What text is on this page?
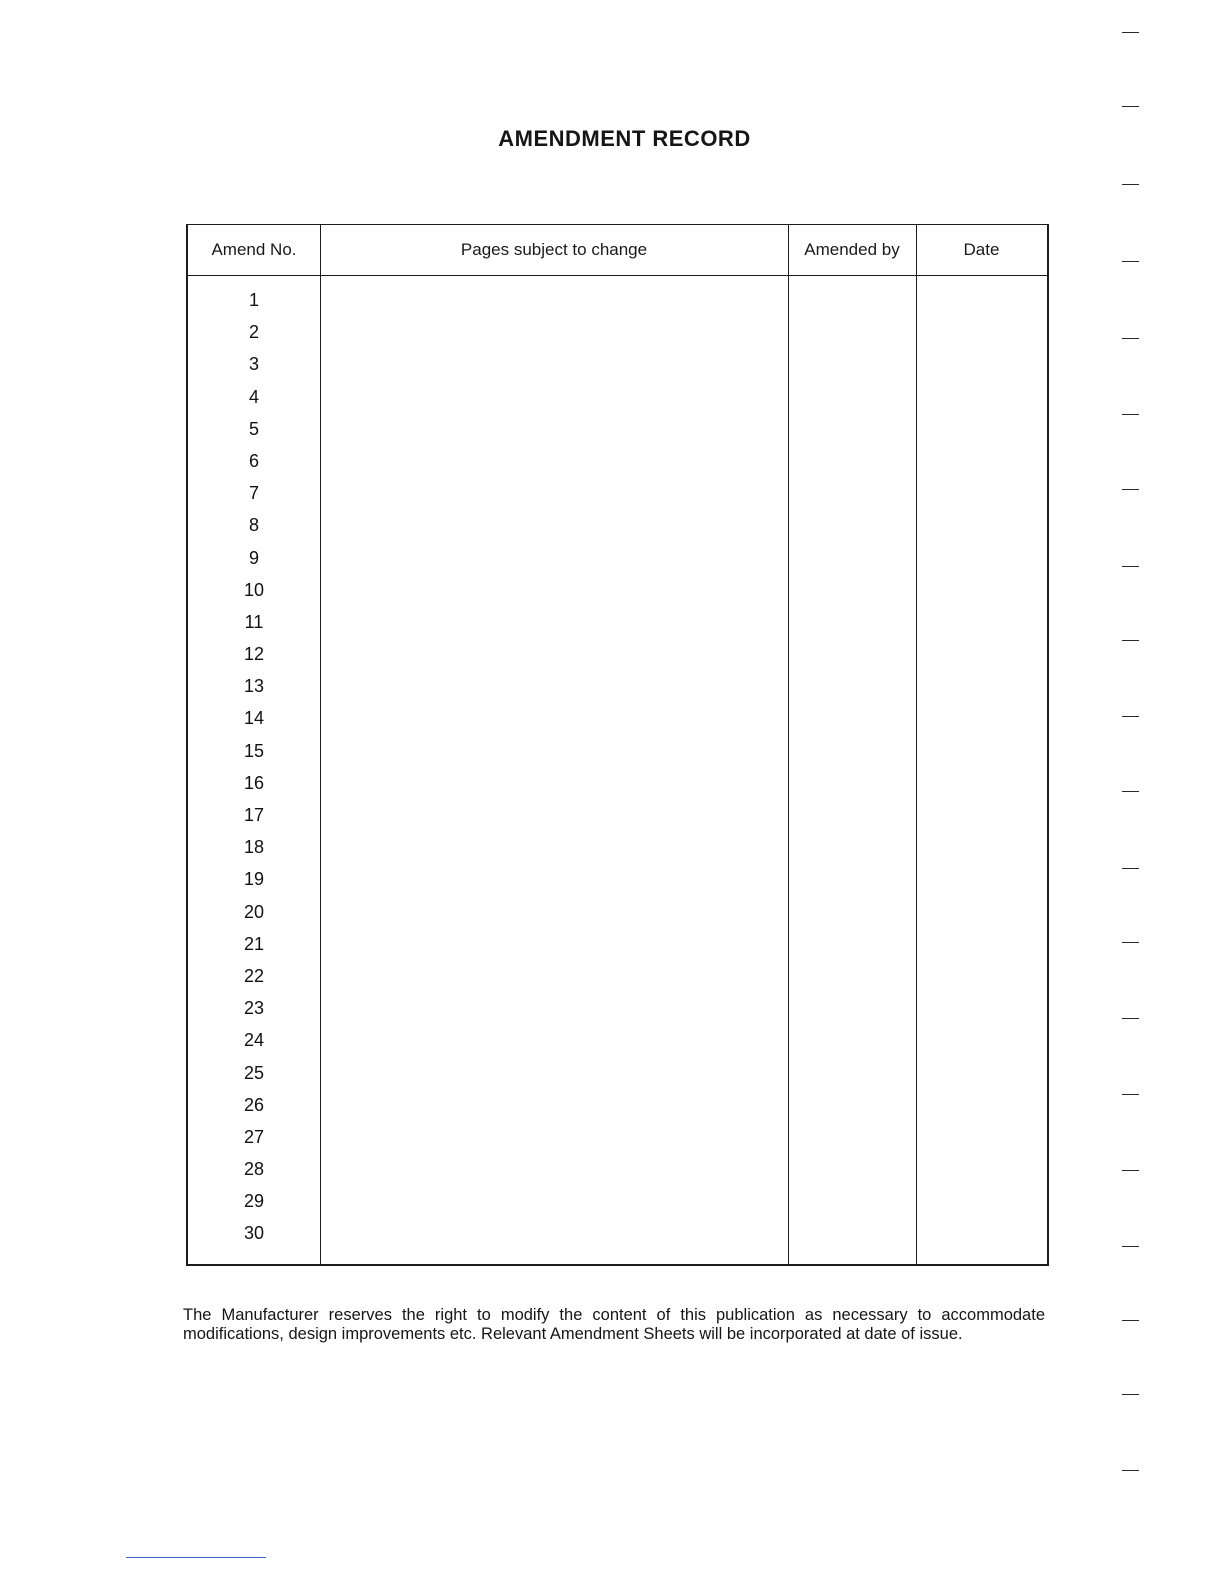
AMENDMENT RECORD
Amend No.	Pages subject to change	Amended by	Date
1
2
3
4
5
6
7
8
9
10
11
12
13
14
15
16
17
18
19
20
21
22
23
24
25
26
27
28
29
30
The Manufacturer reserves the right to modify the content of this publication as necessary to accommodate modifications, design improvements etc. Relevant Amendment Sheets will be incorporated at date of issue.
